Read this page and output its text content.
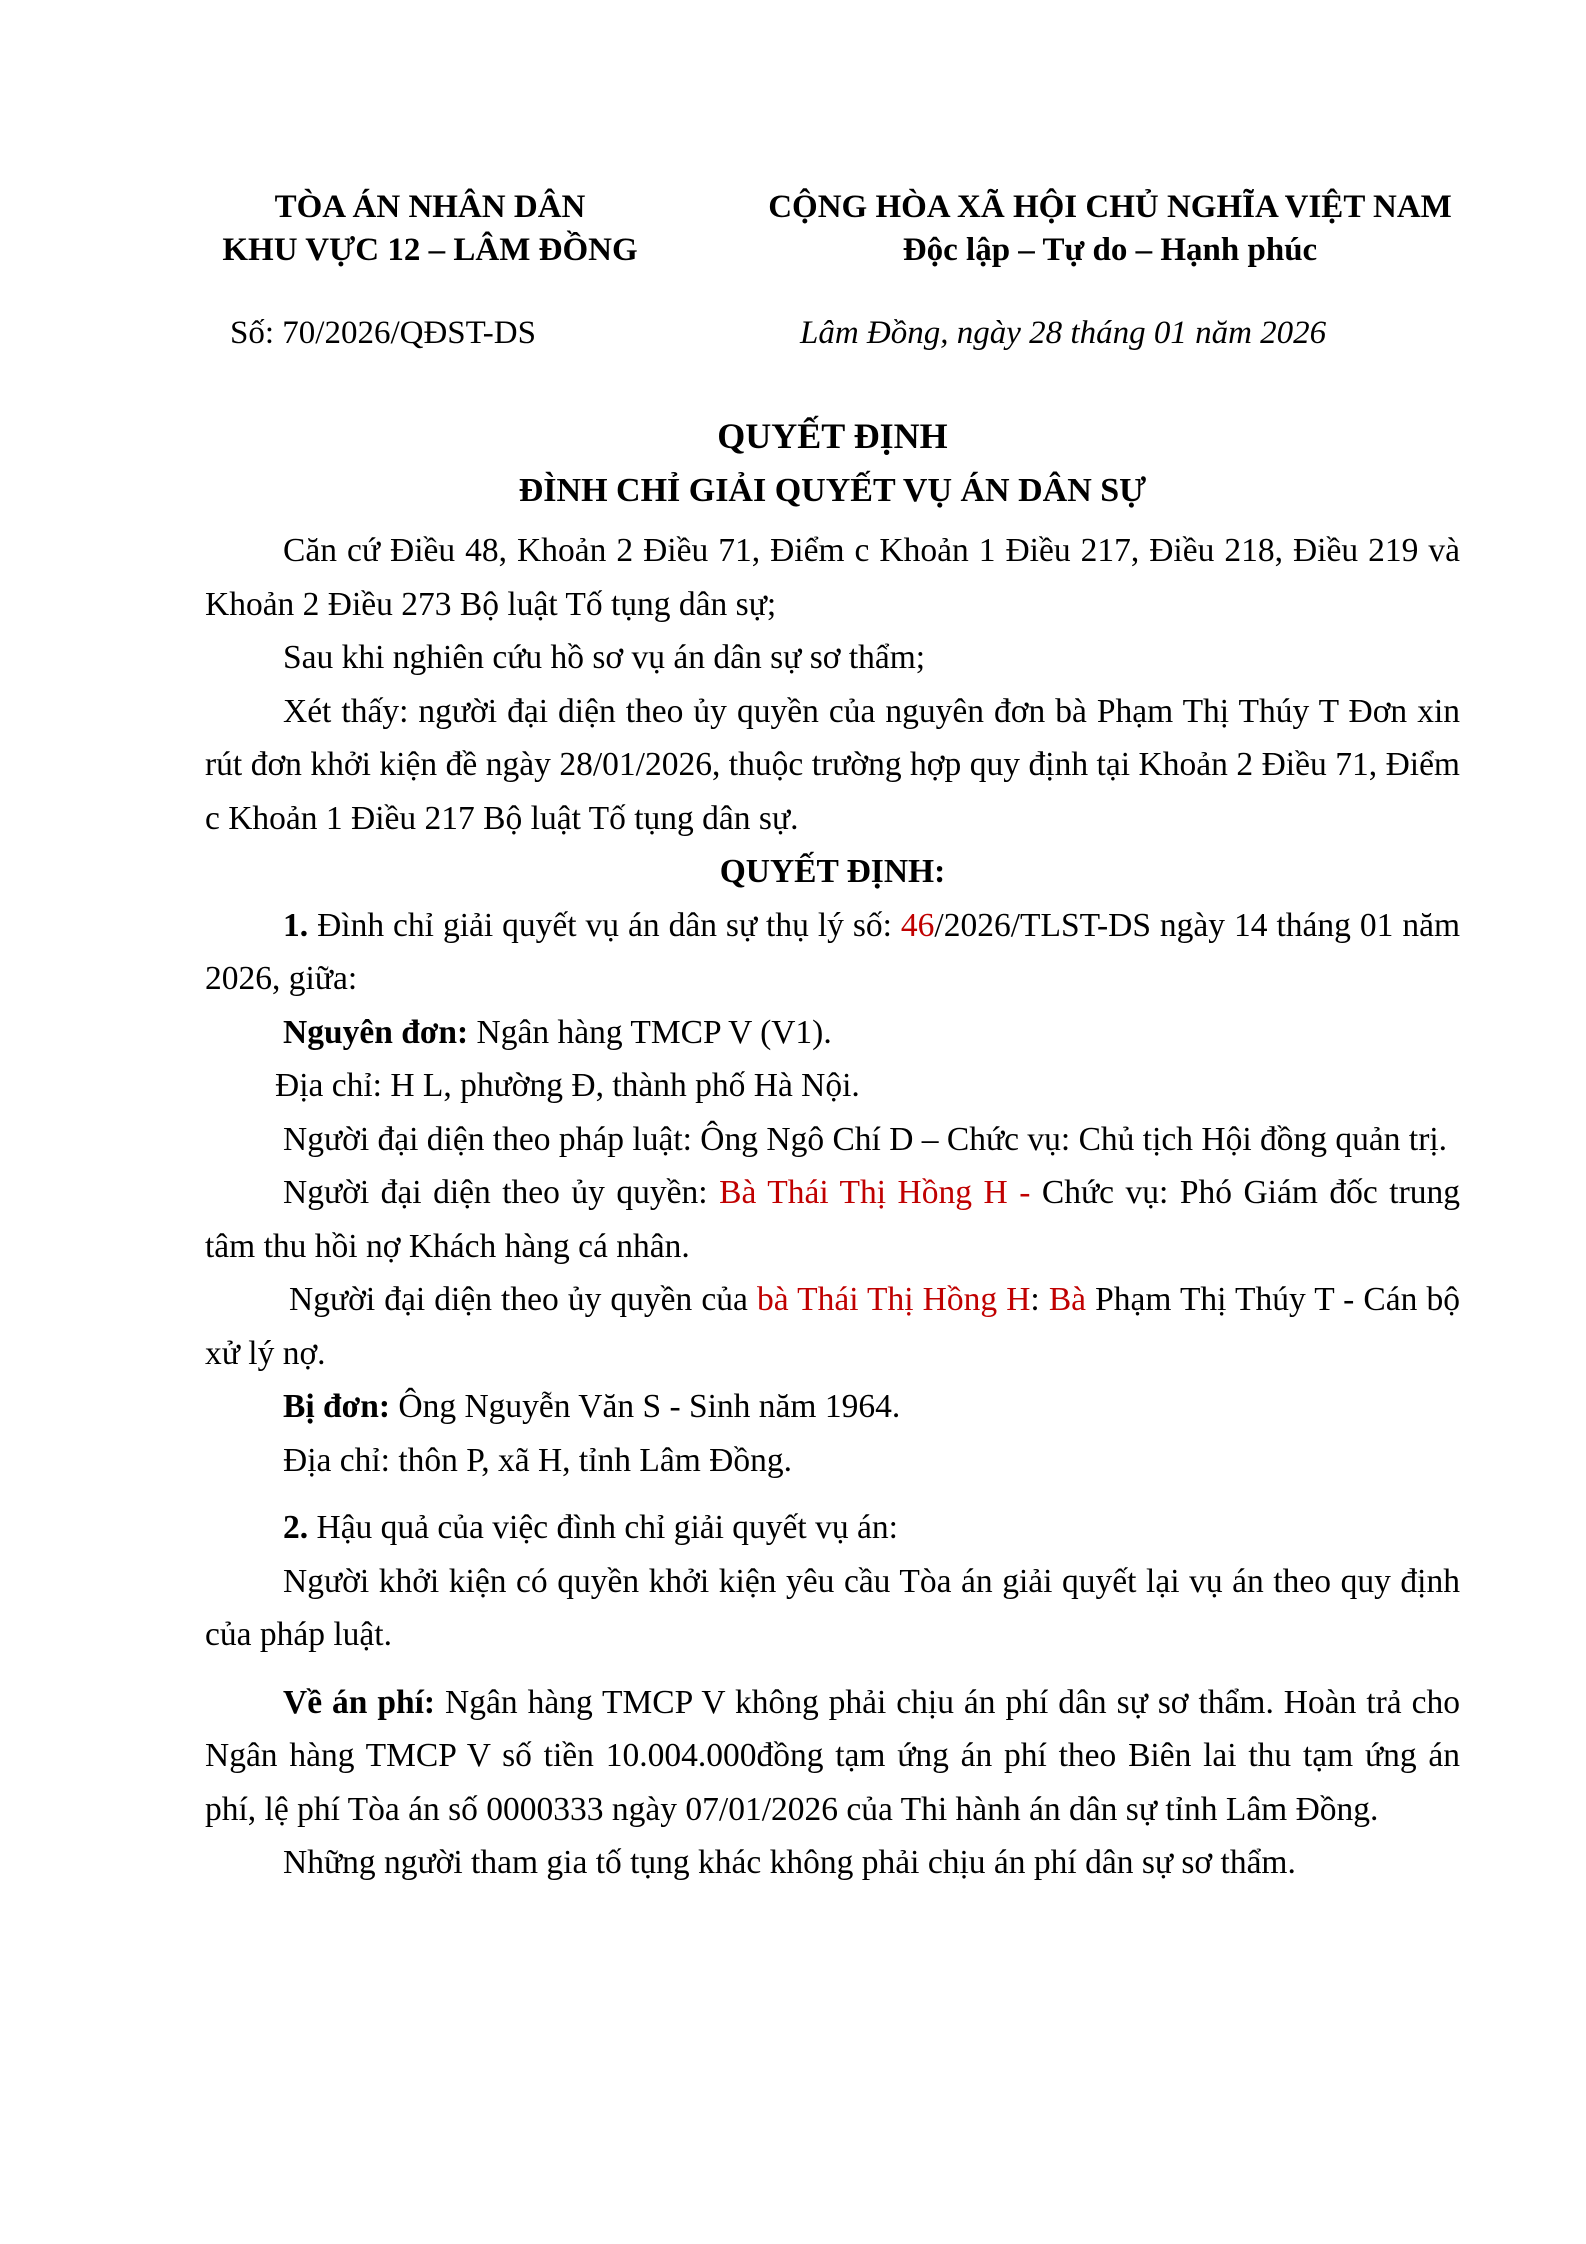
TÒA ÁN NHÂN DÂN
KHU VỰC 12 – LÂM ĐỒNG
CỘNG HÒA XÃ HỘI CHỦ NGHĨA VIỆT NAM
Độc lập – Tự do – Hạnh phúc
Số: 70/2026/QĐST-DS	Lâm Đồng, ngày 28 tháng 01 năm 2026
QUYẾT ĐỊNH
ĐÌNH CHỈ GIẢI QUYẾT VỤ ÁN DÂN SỰ

Căn cứ Điều 48, Khoản 2 Điều 71, Điểm c Khoản 1 Điều 217, Điều 218, Điều 219 và Khoản 2 Điều 273 Bộ luật Tố tụng dân sự;

Sau khi nghiên cứu hồ sơ vụ án dân sự sơ thẩm;

Xét thấy: người đại diện theo ủy quyền của nguyên đơn bà Phạm Thị Thúy T Đơn xin rút đơn khởi kiện đề ngày 28/01/2026, thuộc trường hợp quy định tại Khoản 2 Điều 71, Điểm c Khoản 1 Điều 217 Bộ luật Tố tụng dân sự.

QUYẾT ĐỊNH:

1. Đình chỉ giải quyết vụ án dân sự thụ lý số: 46/2026/TLST-DS ngày 14 tháng 01 năm 2026, giữa:

Nguyên đơn: Ngân hàng TMCP V (V1).

Địa chỉ: H L, phường Đ, thành phố Hà Nội.

Người đại diện theo pháp luật: Ông Ngô Chí D – Chức vụ: Chủ tịch Hội đồng quản trị.

Người đại diện theo ủy quyền: Bà Thái Thị Hồng H - Chức vụ: Phó Giám đốc trung tâm thu hồi nợ Khách hàng cá nhân.

Người đại diện theo ủy quyền của bà Thái Thị Hồng H: Bà Phạm Thị Thúy T - Cán bộ xử lý nợ.

Bị đơn: Ông Nguyễn Văn S - Sinh năm 1964.

Địa chỉ: thôn P, xã H, tỉnh Lâm Đồng.

2. Hậu quả của việc đình chỉ giải quyết vụ án:

Người khởi kiện có quyền khởi kiện yêu cầu Tòa án giải quyết lại vụ án theo quy định của pháp luật.

Về án phí: Ngân hàng TMCP V không phải chịu án phí dân sự sơ thẩm. Hoàn trả cho Ngân hàng TMCP V số tiền 10.004.000đồng tạm ứng án phí theo Biên lai thu tạm ứng án phí, lệ phí Tòa án số 0000333 ngày 07/01/2026 của Thi hành án dân sự tỉnh Lâm Đồng.

Những người tham gia tố tụng khác không phải chịu án phí dân sự sơ thẩm.
